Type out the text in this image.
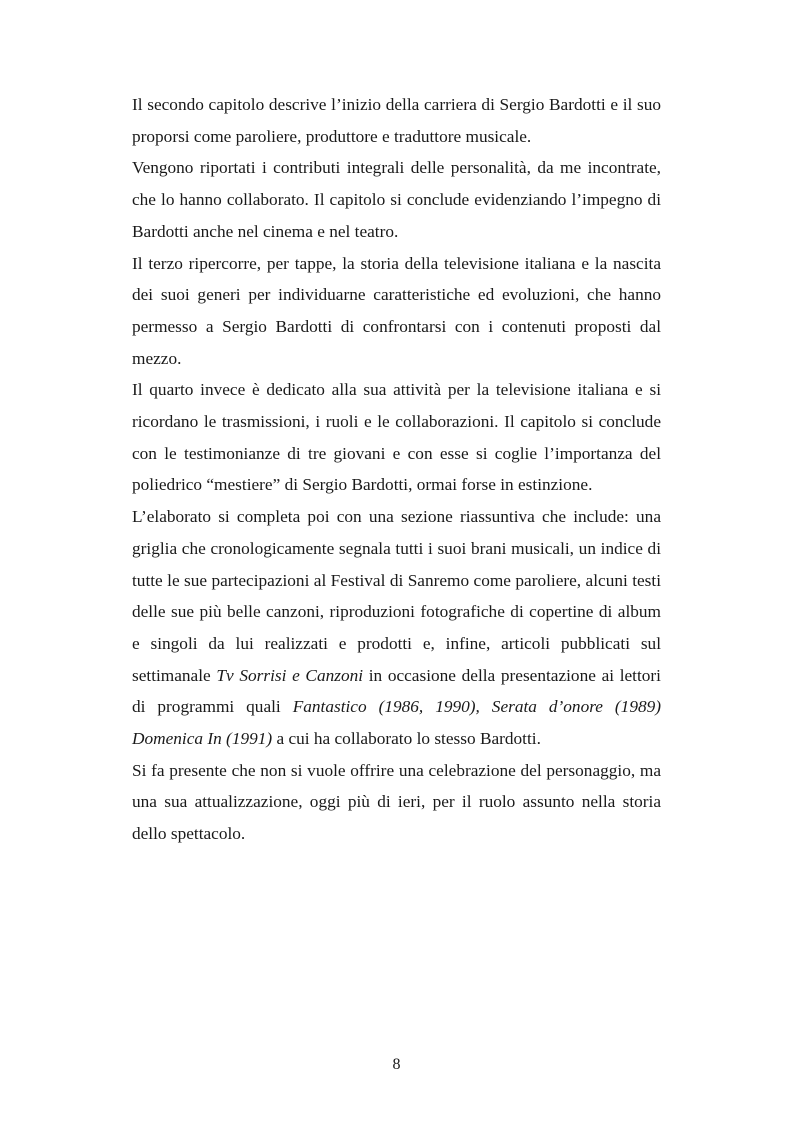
Il secondo capitolo descrive l’inizio della carriera di Sergio Bardotti e il suo proporsi come paroliere, produttore e traduttore musicale.

Vengono riportati i contributi integrali delle personalità, da me incontrate, che lo hanno collaborato. Il capitolo si conclude evidenziando l’impegno di Bardotti anche nel cinema e nel teatro.

Il terzo ripercorre, per tappe, la storia della televisione italiana e la nascita dei suoi generi per individuarne caratteristiche ed evoluzioni, che hanno permesso a Sergio Bardotti di confrontarsi con i contenuti proposti dal mezzo.

Il quarto invece è dedicato alla sua attività per la televisione italiana e si ricordano le trasmissioni, i ruoli e le collaborazioni. Il capitolo si conclude con le testimonianze di tre giovani e con esse si coglie l’importanza del poliedrico “mestiere” di Sergio Bardotti, ormai forse in estinzione.

L’elaborato si completa poi con una sezione riassuntiva che include: una griglia che cronologicamente segnala tutti i suoi brani musicali, un indice di tutte le sue partecipazioni al Festival di Sanremo come paroliere, alcuni testi delle sue più belle canzoni, riproduzioni fotografiche di copertine di album e singoli da lui realizzati e prodotti e, infine, articoli pubblicati sul settimanale Tv Sorrisi e Canzoni in occasione della presentazione ai lettori di programmi quali Fantastico (1986, 1990), Serata d’onore (1989) Domenica In (1991) a cui ha collaborato lo stesso Bardotti.

Si fa presente che non si vuole offrire una celebrazione del personaggio, ma una sua attualizzazione, oggi più di ieri, per il ruolo assunto nella storia dello spettacolo.

8
